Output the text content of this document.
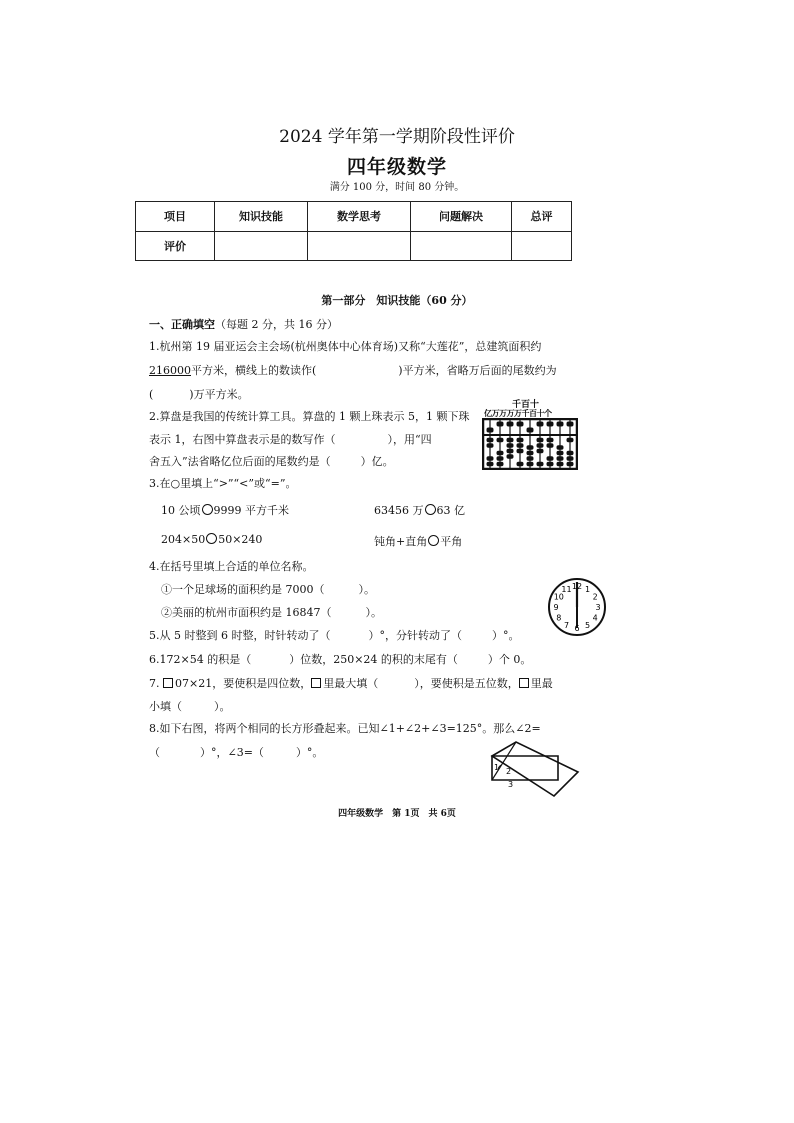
2024 学年第一学期阶段性评价
四年级数学
满分 100 分，时间 80 分钟。
项目	知识技能	数学思考	问题解决	总评
评价				
第一部分　知识技能（60 分）
一、正确填空（每题 2 分，共 16 分）
1.杭州第 19 届亚运会主会场(杭州奥体中心体育场)又称“大莲花”，总建筑面积约
216000平方米，横线上的数读作(	)平方米，省略万后面的尾数约为
(	)万平方米。
2.算盘是我国的传统计算工具。算盘的 1 颗上珠表示 5，1 颗下珠
表示 1，右图中算盘表示是的数写作（	），用“四
舍五入”法省略亿位后面的尾数约是（	）亿。
千百十
亿万万万万千百十个
3.在○里填上“>”“<”或“=”。
10 公顷 9999 平方千米	63456 万 63 亿
204×50 50×240	钝角+直角 平角
4.在括号里填上合适的单位名称。
①一个足球场的面积约是 7000（	）。
②美丽的杭州市面积约是 16847（	）。
12 1
2
3
4
5
6
7
8
9
10
11
5.从 5 时整到 6 时整，时针转动了（	）°，分针转动了（	）°。
6.172×54 的积是（	）位数，250×24 的积的末尾有（	）个 0。
7. 07×21，要使积是四位数， 里最大填（	），要使积是五位数， 里最
小填（	）。
8.如下右图，将两个相同的长方形叠起来。已知∠1+∠2+∠3=125°。那么∠2=
（	）°，∠3=（	）°。
1 2
3
四年级数学　第 1页　共 6页
